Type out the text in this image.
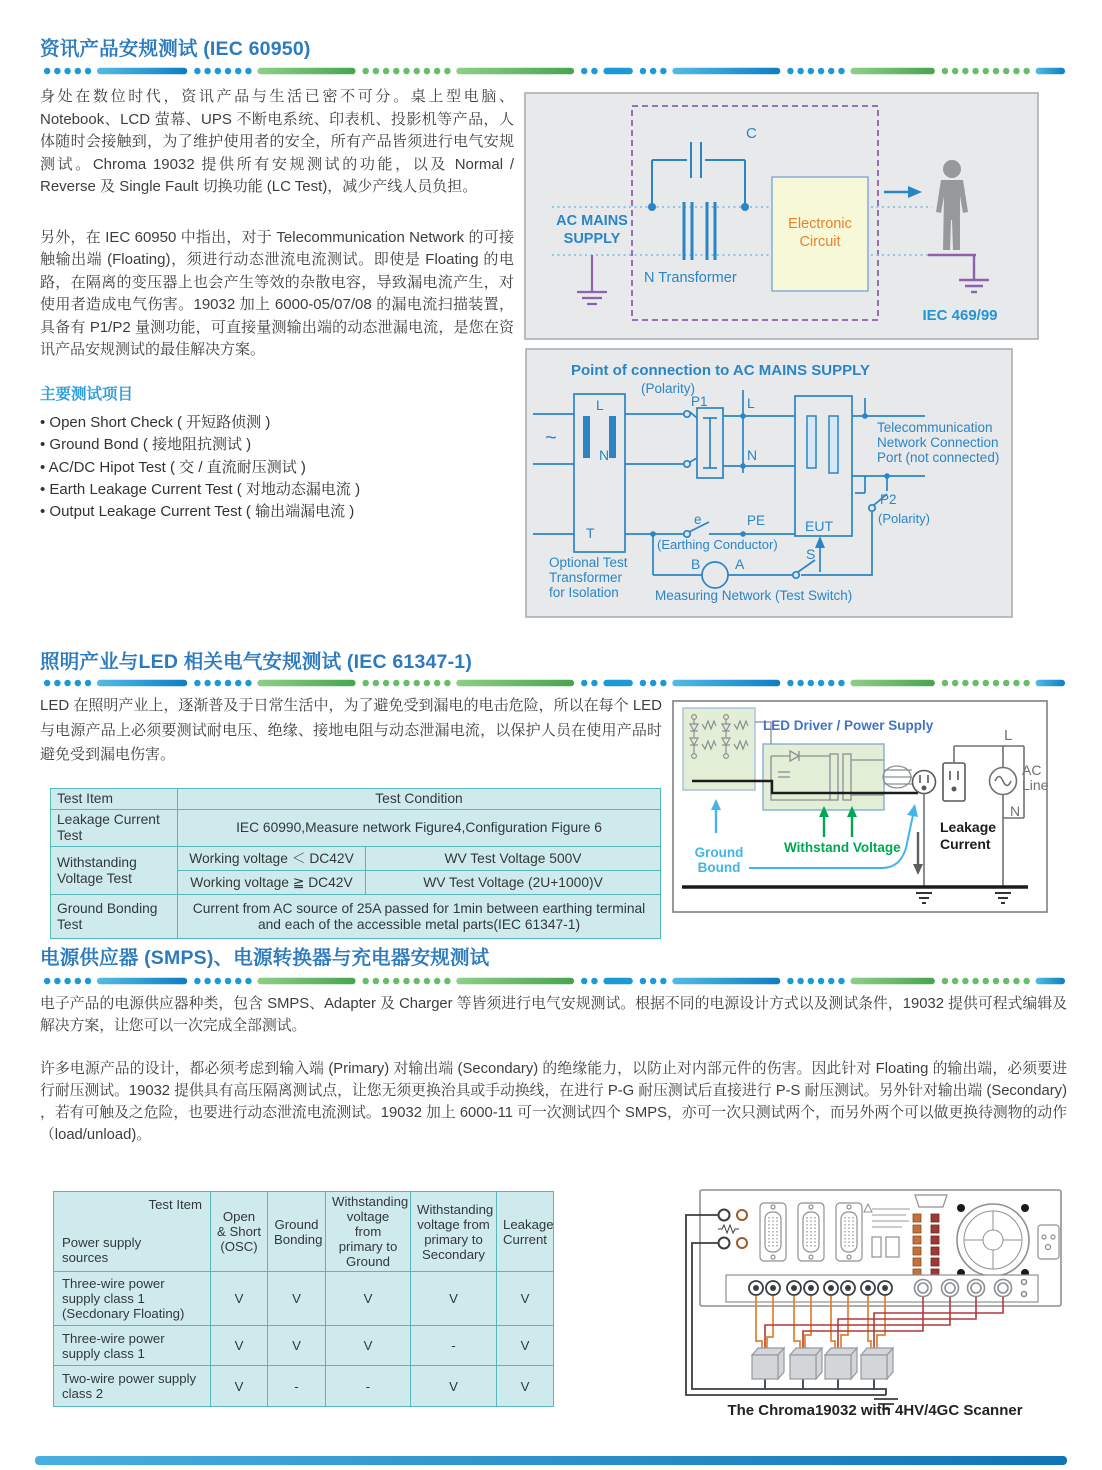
资讯产品安规测试 (IEC 60950)

身处在数位时代，资讯产品与生活已密不可分。桌上型电脑、Notebook、LCD 萤幕、UPS 不断电系统、印表机、投影机等产品，人体随时会接触到，为了维护使用者的安全，所有产品皆须进行电气安规测试。Chroma 19032 提供所有安规测试的功能，以及 Normal / Reverse 及 Single Fault 切换功能 (LC Test)，减少产线人员负担。

另外，在 IEC 60950 中指出，对于 Telecommunication Network 的可接触输出端 (Floating)，须进行动态泄流电流测试。即使是 Floating 的电路，在隔离的变压器上也会产生等效的杂散电容，导致漏电流产生，对使用者造成电气伤害。19032 加上 6000-05/07/08 的漏电流扫描装置，具备有 P1/P2 量测功能，可直接量测输出端的动态泄漏电流，是您在资讯产品安规测试的最佳解决方案。

主要测试项目
• Open Short Check ( 开短路侦测 )
• Ground Bond ( 接地阻抗测试 )
• AC/DC Hipot Test ( 交 / 直流耐压测试 )
• Earth Leakage Current Test ( 对地动态漏电流 )
• Output Leakage Current Test ( 输出端漏电流 )
C
AC MAINS
SUPPLY
N Transformer
Electronic
Circuit
IEC 469/99
Point of connection to AC MAINS SUPPLY
(Polarity)
L
N
T
~
P1	L
N
e	PE
(Earthing Conductor)
EUT
S
B A
P2
(Polarity)
Telecommunication
Network Connection
Port (not connected)
Optional Test
Transformer
for Isolation	Measuring Network (Test Switch)
照明产业与LED 相关电气安规测试 (IEC 61347-1)

LED 在照明产业上，逐渐普及于日常生活中，为了避免受到漏电的电击危险，所以在每个 LED 与电源产品上必须要测试耐电压、绝缘、接地电阻与动态泄漏电流，以保护人员在使用产品时避免受到漏电伤害。

Test Item	Test Condition	
Leakage Current Test	IEC 60990,Measure network Figure4,Configuration Figure 6	
Withstanding Voltage Test	Working voltage ＜ DC42V	WV Test Voltage 500V
	Working voltage ≧ DC42V	WV Test Voltage (2U+1000)V
Ground Bonding Test	Current from AC source of 25A passed for 1min between earthing terminal and each of the accessible metal parts(IEC 61347-1)	
LED Driver / Power Supply
Ground
Bound
Withstand Voltage
Leakage
Current
L
N
AC
Line
电源供应器 (SMPS)、电源转换器与充电器安规测试

电子产品的电源供应器种类，包含 SMPS、Adapter 及 Charger 等皆须进行电气安规测试。根据不同的电源设计方式以及测试条件，19032 提供可程式编辑及解决方案，让您可以一次完成全部测试。

许多电源产品的设计，都必须考虑到输入端 (Primary) 对输出端 (Secondary) 的绝缘能力，以防止对内部元件的伤害。因此针对 Floating 的输出端，必须要进行耐压测试。19032 提供具有高压隔离测试点，让您无须更换治具或手动换线，在进行 P-G 耐压测试后直接进行 P-S 耐压测试。另外针对输出端 (Secondary) ，若有可触及之危险，也要进行动态泄流电流测试。19032 加上 6000-11 可一次测试四个 SMPS，亦可一次只测试两个，而另外两个可以做更换待测物的动作（load/unload)。

Test Item
Power supply sources	Open & Short (OSC)	Ground Bonding	Withstanding voltage from primary to Ground	Withstanding voltage from primary to Secondary	Leakage Current
Three-wire power supply class 1 (Secdonary Floating)	V	V	V	V	V
Three-wire power supply class 1	V	V	V	-	V
Two-wire power supply class 2	V	-	-	V	V
The Chroma19032 with 4HV/4GC Scanner
